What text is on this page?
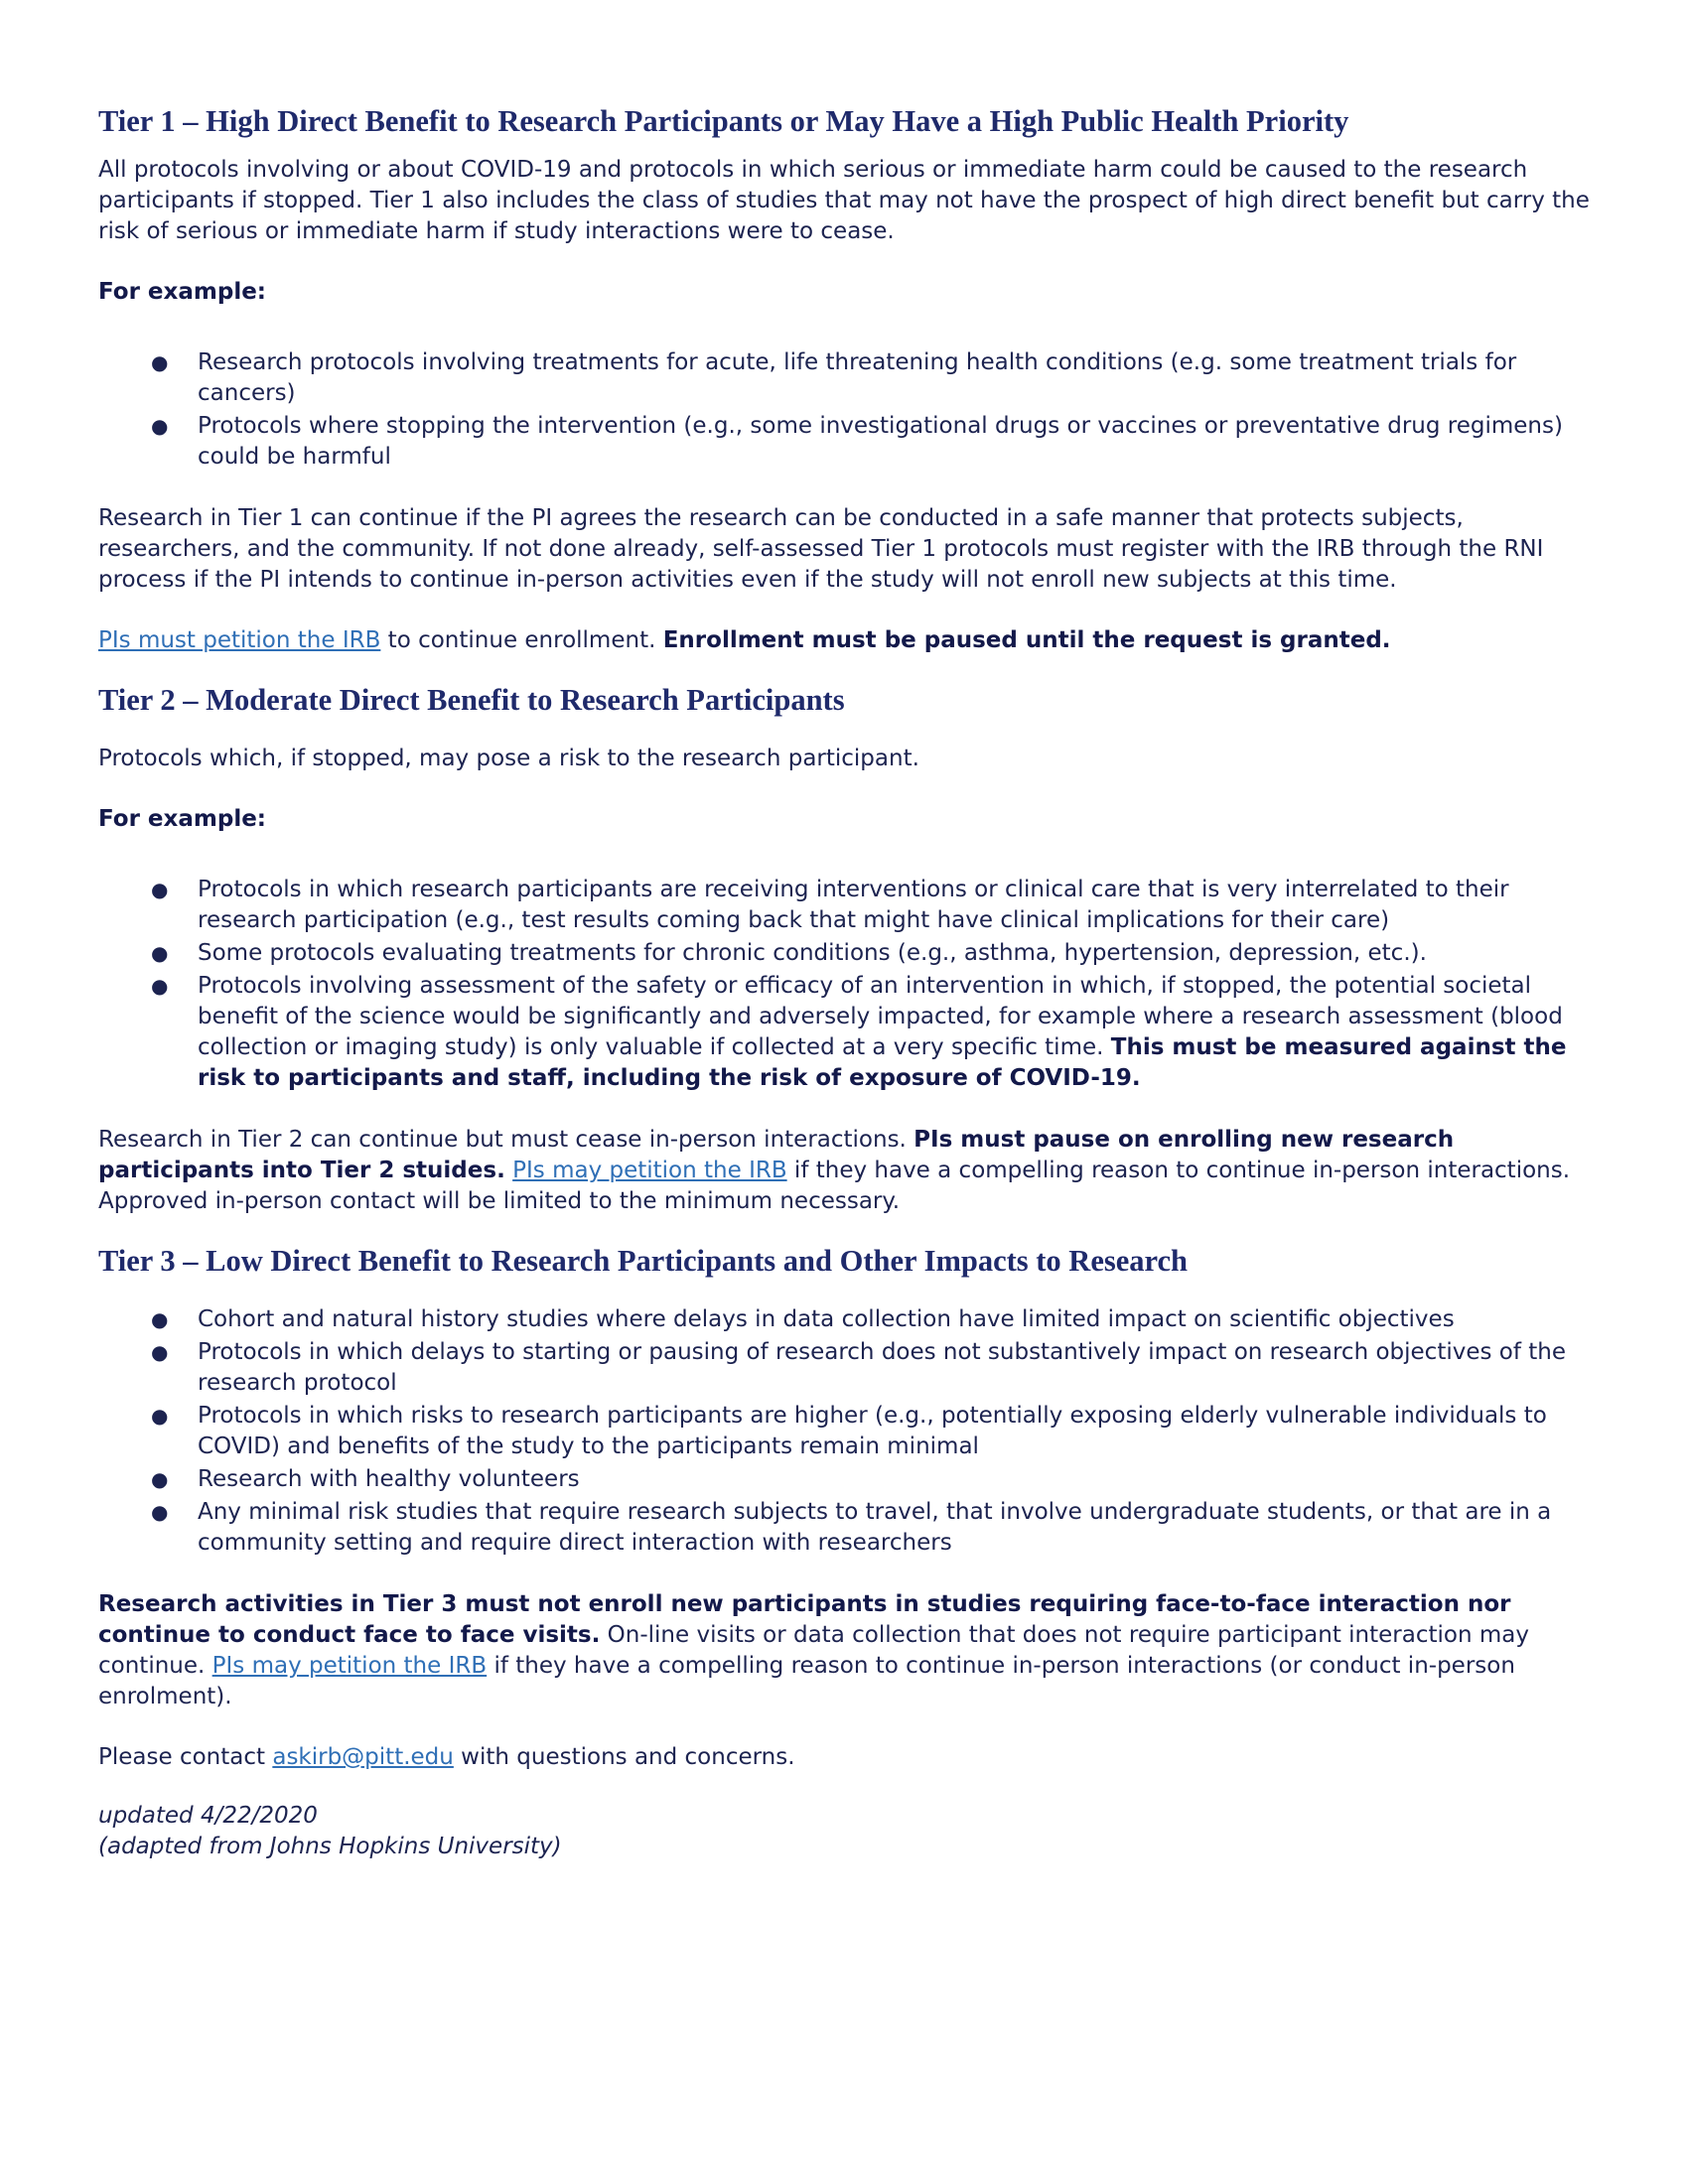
Tier 1 – High Direct Benefit to Research Participants or May Have a High Public Health Priority

All protocols involving or about COVID-19 and protocols in which serious or immediate harm could be caused to the research participants if stopped. Tier 1 also includes the class of studies that may not have the prospect of high direct benefit but carry the risk of serious or immediate harm if study interactions were to cease.

For example:

● Research protocols involving treatments for acute, life threatening health conditions (e.g. some treatment trials for cancers)
● Protocols where stopping the intervention (e.g., some investigational drugs or vaccines or preventative drug regimens) could be harmful

Research in Tier 1 can continue if the PI agrees the research can be conducted in a safe manner that protects subjects, researchers, and the community. If not done already, self-assessed Tier 1 protocols must register with the IRB through the RNI process if the PI intends to continue in-person activities even if the study will not enroll new subjects at this time.

PIs must petition the IRB to continue enrollment. Enrollment must be paused until the request is granted.

Tier 2 – Moderate Direct Benefit to Research Participants

Protocols which, if stopped, may pose a risk to the research participant.

For example:

● Protocols in which research participants are receiving interventions or clinical care that is very interrelated to their research participation (e.g., test results coming back that might have clinical implications for their care)
● Some protocols evaluating treatments for chronic conditions (e.g., asthma, hypertension, depression, etc.).
● Protocols involving assessment of the safety or efficacy of an intervention in which, if stopped, the potential societal benefit of the science would be significantly and adversely impacted, for example where a research assessment (blood collection or imaging study) is only valuable if collected at a very specific time. This must be measured against the risk to participants and staff, including the risk of exposure of COVID-19.

Research in Tier 2 can continue but must cease in-person interactions. PIs must pause on enrolling new research participants into Tier 2 stuides. PIs may petition the IRB if they have a compelling reason to continue in-person interactions. Approved in-person contact will be limited to the minimum necessary.

Tier 3 – Low Direct Benefit to Research Participants and Other Impacts to Research
● Cohort and natural history studies where delays in data collection have limited impact on scientific objectives
● Protocols in which delays to starting or pausing of research does not substantively impact on research objectives of the research protocol
● Protocols in which risks to research participants are higher (e.g., potentially exposing elderly vulnerable individuals to COVID) and benefits of the study to the participants remain minimal
● Research with healthy volunteers
● Any minimal risk studies that require research subjects to travel, that involve undergraduate students, or that are in a community setting and require direct interaction with researchers

Research activities in Tier 3 must not enroll new participants in studies requiring face-to-face interaction nor continue to conduct face to face visits. On-line visits or data collection that does not require participant interaction may continue. PIs may petition the IRB if they have a compelling reason to continue in-person interactions (or conduct in-person enrolment).

Please contact askirb@pitt.edu with questions and concerns.

updated 4/22/2020

(adapted from Johns Hopkins University)
